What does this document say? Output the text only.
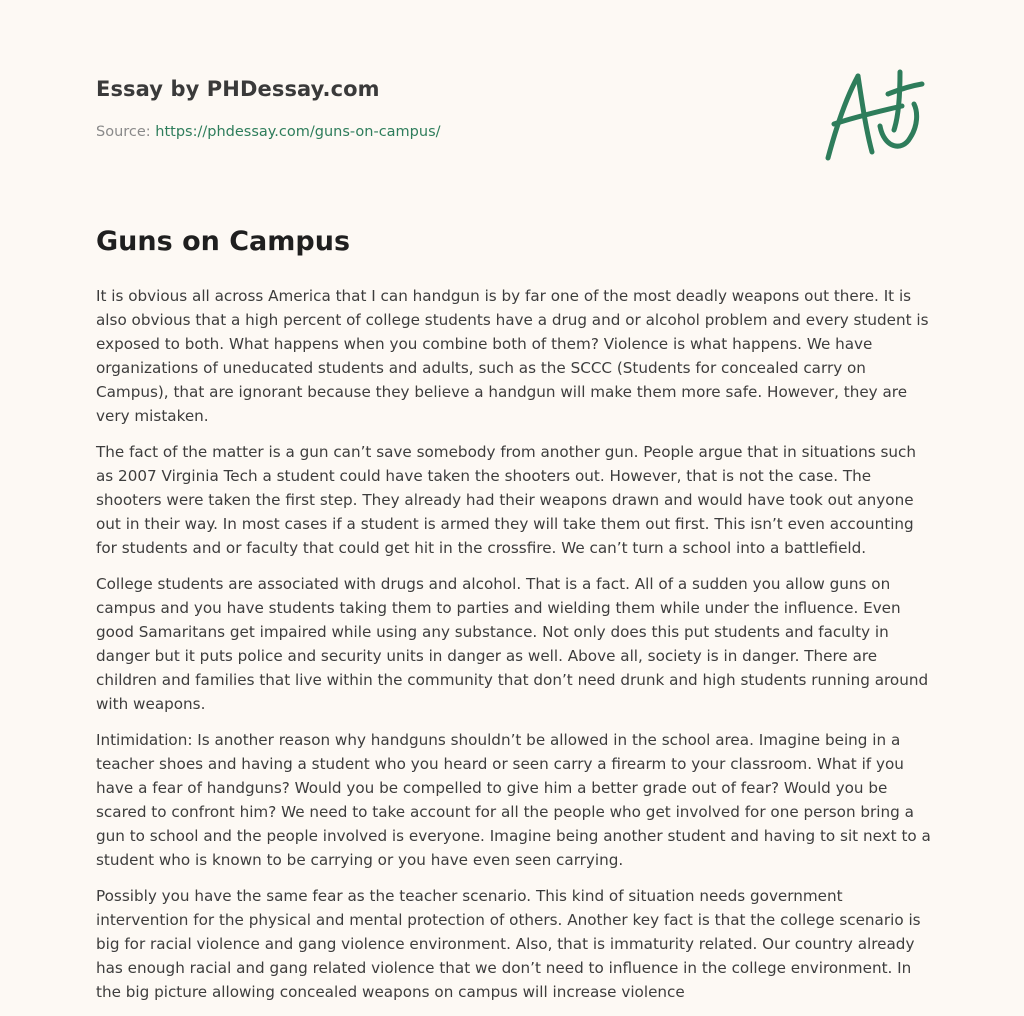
Essay by PHDessay.com
Source: https://phdessay.com/guns-on-campus/
Guns on Campus

It is obvious all across America that I can handgun is by far one of the most deadly weapons out there. It is also obvious that a high percent of college students have a drug and or alcohol problem and every student is exposed to both. What happens when you combine both of them? Violence is what happens. We have organizations of uneducated students and adults, such as the SCCC (Students for concealed carry on Campus), that are ignorant because they believe a handgun will make them more safe. However, they are very mistaken.

The fact of the matter is a gun can’t save somebody from another gun. People argue that in situations such as 2007 Virginia Tech a student could have taken the shooters out. However, that is not the case. The shooters were taken the first step. They already had their weapons drawn and would have took out anyone out in their way. In most cases if a student is armed they will take them out first. This isn’t even accounting for students and or faculty that could get hit in the crossfire. We can’t turn a school into a battlefield.

College students are associated with drugs and alcohol. That is a fact. All of a sudden you allow guns on campus and you have students taking them to parties and wielding them while under the influence. Even good Samaritans get impaired while using any substance. Not only does this put students and faculty in danger but it puts police and security units in danger as well. Above all, society is in danger. There are children and families that live within the community that don’t need drunk and high students running around with weapons.

Intimidation: Is another reason why handguns shouldn’t be allowed in the school area. Imagine being in a teacher shoes and having a student who you heard or seen carry a firearm to your classroom. What if you have a fear of handguns? Would you be compelled to give him a better grade out of fear? Would you be scared to confront him? We need to take account for all the people who get involved for one person bring a gun to school and the people involved is everyone. Imagine being another student and having to sit next to a student who is known to be carrying or you have even seen carrying.

Possibly you have the same fear as the teacher scenario. This kind of situation needs government intervention for the physical and mental protection of others. Another key fact is that the college scenario is big for racial violence and gang violence environment. Also, that is immaturity related. Our country already has enough racial and gang related violence that we don’t need to influence in the college environment. In the big picture allowing concealed weapons on campus will increase violence
